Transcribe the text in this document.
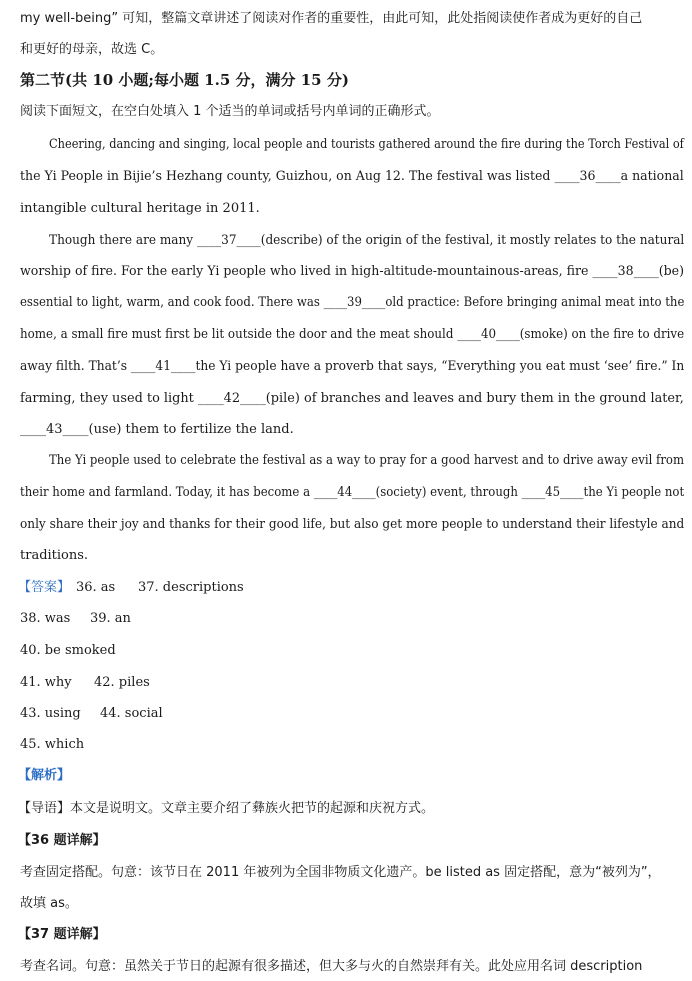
my well-being” 可知，整篇文章讲述了阅读对作者的重要性，由此可知，此处指阅读使作者成为更好的自己
和更好的母亲，故选 C。
第二节(共 10 小题;每小题 1.5 分，满分 15 分)
阅读下面短文，在空白处填入 1 个适当的单词或括号内单词的正确形式。
Cheering, dancing and singing, local people and tourists gathered around the fire during the Torch Festival of
the Yi People in Bijie’s Hezhang county, Guizhou, on Aug 12. The festival was listed ____36____a national
intangible cultural heritage in 2011.
Though there are many ____37____(describe) of the origin of the festival, it mostly relates to the natural
worship of fire. For the early Yi people who lived in high-altitude-mountainous-areas, fire ____38____(be)
essential to light, warm, and cook food. There was ____39____old practice: Before bringing animal meat into the
home, a small fire must first be lit outside the door and the meat should ____40____(smoke) on the fire to drive
away filth. That’s ____41____the Yi people have a proverb that says, “Everything you eat must ‘see’ fire.” In
farming, they used to light ____42____(pile) of branches and leaves and bury them in the ground later,
____43____(use) them to fertilize the land.
The Yi people used to celebrate the festival as a way to pray for a good harvest and to drive away evil from
their home and farmland. Today, it has become a ____44____(society) event, through ____45____the Yi people not
only share their joy and thanks for their good life, but also get more people to understand their lifestyle and
traditions.
【答案】 36. as 37. descriptions
38. was 39. an
40. be smoked
41. why 42. piles
43. using 44. social
45. which
【解析】
【导语】本文是说明文。文章主要介绍了彝族火把节的起源和庆祝方式。
【36 题详解】
考查固定搭配。句意：该节日在 2011 年被列为全国非物质文化遗产。be listed as 固定搭配，意为“被列为”，
故填 as。
【37 题详解】
考查名词。句意：虽然关于节日的起源有很多描述，但大多与火的自然崇拜有关。此处应用名词 description
